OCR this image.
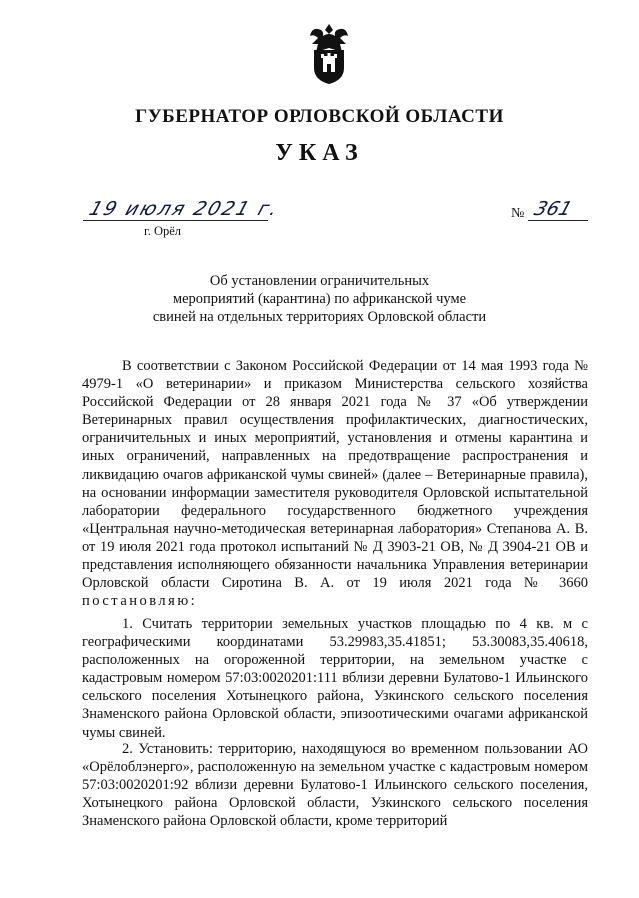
ГУБЕРНАТОР ОРЛОВСКОЙ ОБЛАСТИ
УКАЗ
19 июля 2021 г.
г. Орёл
№ 361
Об установлении ограничительных
мероприятий (карантина) по африканской чуме
свиней на отдельных территориях Орловской области

В соответствии с Законом Российской Федерации от 14 мая 1993 года № 4979-1 «О ветеринарии» и приказом Министерства сельского хозяйства Российской Федерации от 28 января 2021 года № 37 «Об утверждении Ветеринарных правил осуществления профилактических, диагностических, ограничительных и иных мероприятий, установления и отмены карантина и иных ограничений, направленных на предотвращение распространения и ликвидацию очагов африканской чумы свиней» (далее – Ветеринарные правила), на основании информации заместителя руководителя Орловской испытательной лаборатории федерального государственного бюджетного учреждения «Центральная научно-методическая ветеринарная лаборатория» Степанова А. В. от 19 июля 2021 года протокол испытаний № Д 3903-21 ОВ, № Д 3904-21 ОВ и представления исполняющего обязанности начальника Управления ветеринарии Орловской области Сиротина В. А. от 19 июля 2021 года № 3660 постановляю:

1. Считать территории земельных участков площадью по 4 кв. м с географическими координатами 53.29983,35.41851; 53.30083,35.40618, расположенных на огороженной территории, на земельном участке с кадастровым номером 57:03:0020201:111 вблизи деревни Булатово-1 Ильинского сельского поселения Хотынецкого района, Узкинского сельского поселения Знаменского района Орловской области, эпизоотическими очагами африканской чумы свиней.

2. Установить: территорию, находящуюся во временном пользовании АО «Орёлоблэнерго», расположенную на земельном участке с кадастровым номером 57:03:0020201:92 вблизи деревни Булатово-1 Ильинского сельского поселения, Хотынецкого района Орловской области, Узкинского сельского поселения Знаменского района Орловской области, кроме территорий
